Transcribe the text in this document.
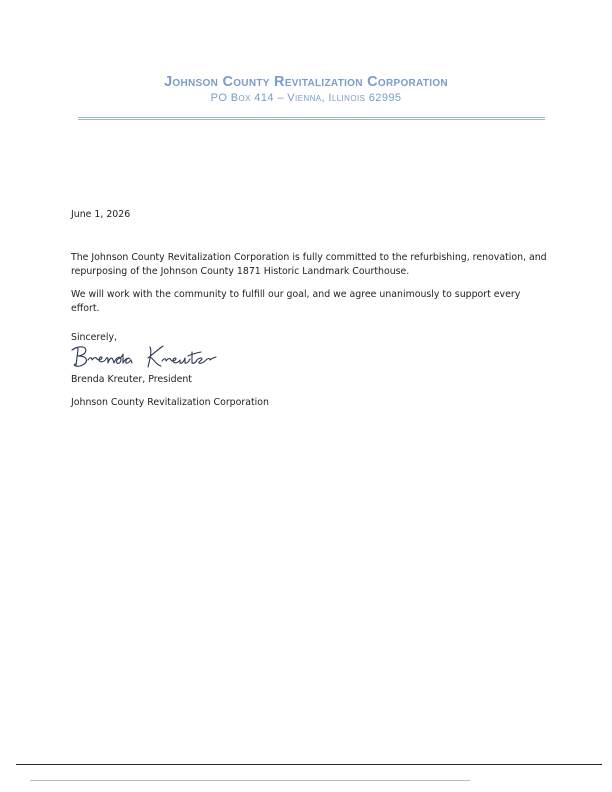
Johnson County Revitalization Corporation
PO Box 414 – Vienna, Illinois 62995
June 1, 2026
The Johnson County Revitalization Corporation is fully committed to the refurbishing, renovation, and repurposing of the Johnson County 1871 Historic Landmark Courthouse.
We will work with the community to fulfill our goal, and we agree unanimously to support every effort.
Sincerely,
Brenda Kreuter, President
Johnson County Revitalization Corporation
